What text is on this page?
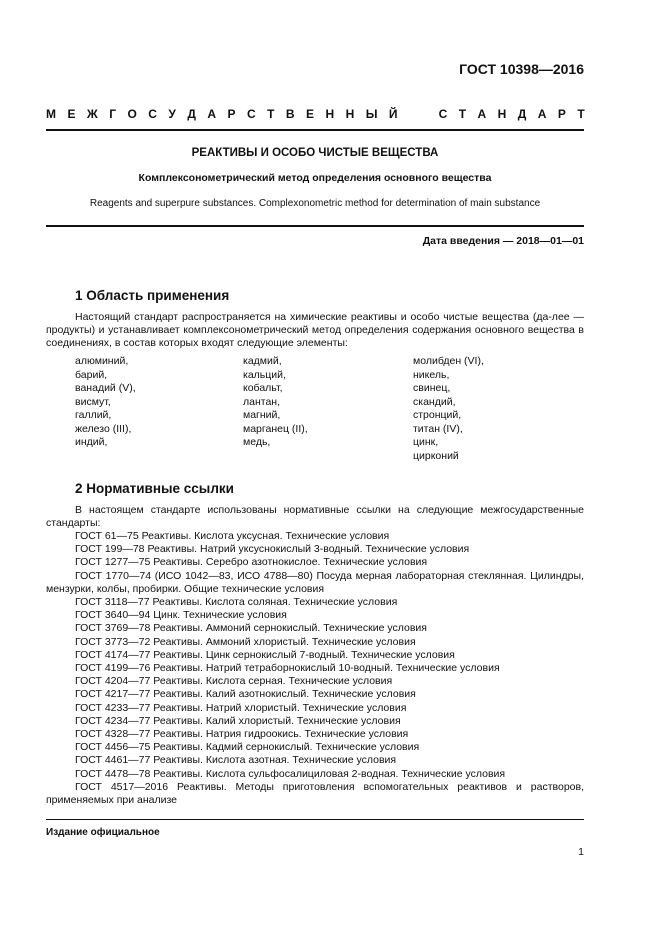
ГОСТ 10398—2016
М Е Ж Г О С У Д А Р С Т В Е Н Н Ы Й

	С Т А Н Д А Р Т
РЕАКТИВЫ И ОСОБО ЧИСТЫЕ ВЕЩЕСТВА
Комплексонометрический метод определения основного вещества
Reagents and superpure substances. Complexonometric method for determination of main substance
Дата введения — 2018—01—01
1 Область применения
Настоящий стандарт распространяется на химические реактивы и особо чистые вещества (да-лее — продукты) и устанавливает комплексонометрический метод определения содержания основного вещества в соединениях, в состав которых входят следующие элементы:
алюминий,
барий,
ванадий (V),
висмут,
галлий,
железо (III),
индий,
кадмий,
кальций,
кобальт,
лантан,
магний,
марганец (II),
медь,
молибден (VI),
никель,
свинец,
скандий,
стронций,
титан (IV),
цинк,
цирконий
2 Нормативные ссылки
В настоящем стандарте использованы нормативные ссылки на следующие межгосударственные стандарты:
ГОСТ 61—75 Реактивы. Кислота уксусная. Технические условия
ГОСТ 199—78 Реактивы. Натрий уксуснокислый 3-водный. Технические условия
ГОСТ 1277—75 Реактивы. Серебро азотнокислое. Технические условия
ГОСТ 1770—74 (ИСО 1042—83, ИСО 4788—80) Посуда мерная лабораторная стеклянная. Цилиндры, мензурки, колбы, пробирки. Общие технические условия
ГОСТ 3118—77 Реактивы. Кислота соляная. Технические условия
ГОСТ 3640—94 Цинк. Технические условия
ГОСТ 3769—78 Реактивы. Аммоний сернокислый. Технические условия
ГОСТ 3773—72 Реактивы. Аммоний хлористый. Технические условия
ГОСТ 4174—77 Реактивы. Цинк сернокислый 7-водный. Технические условия
ГОСТ 4199—76 Реактивы. Натрий тетраборнокислый 10-водный. Технические условия
ГОСТ 4204—77 Реактивы. Кислота серная. Технические условия
ГОСТ 4217—77 Реактивы. Калий азотнокислый. Технические условия
ГОСТ 4233—77 Реактивы. Натрий хлористый. Технические условия
ГОСТ 4234—77 Реактивы. Калий хлористый. Технические условия
ГОСТ 4328—77 Реактивы. Натрия гидроокись. Технические условия
ГОСТ 4456—75 Реактивы. Кадмий сернокислый. Технические условия
ГОСТ 4461—77 Реактивы. Кислота азотная. Технические условия
ГОСТ 4478—78 Реактивы. Кислота сульфосалициловая 2-водная. Технические условия
ГОСТ 4517—2016 Реактивы. Методы приготовления вспомогательных реактивов и растворов, применяемых при анализе
Издание официальное
1
